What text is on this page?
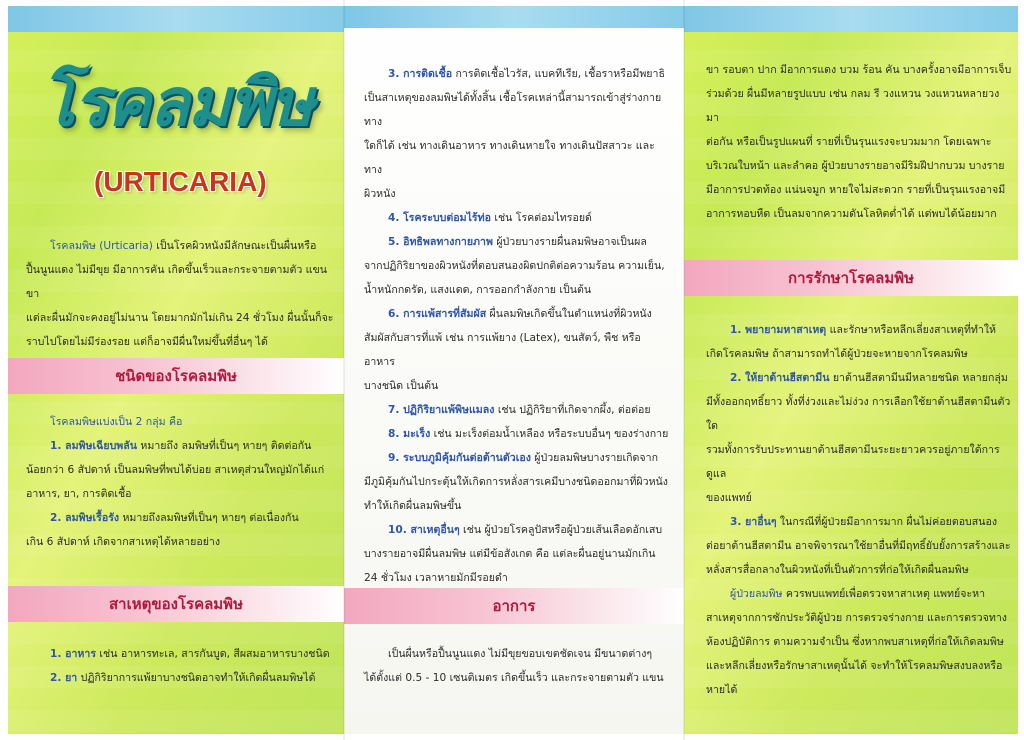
โรคลมพิษ
(URTICARIA)

โรคลมพิษ (Urticaria) เป็นโรคผิวหนังมีลักษณะเป็นผื่นหรือ

ปื้นนูนแดง ไม่มีขุย มีอาการคัน เกิดขึ้นเร็วและกระจายตามตัว แขน ขา

แต่ละผื่นมักจะคงอยู่ไม่นาน โดยมากมักไม่เกิน 24 ชั่วโมง ผื่นนั้นก็จะ

ราบไปโดยไม่มีร่องรอย แต่ก็อาจมีผื่นใหม่ขึ้นที่อื่นๆ ได้

ชนิดของโรคลมพิษ

โรคลมพิษแบ่งเป็น 2 กลุ่ม คือ

1. ลมพิษเฉียบพลัน หมายถึง ลมพิษที่เป็นๆ หายๆ ติดต่อกัน

น้อยกว่า 6 สัปดาห์ เป็นลมพิษที่พบได้บ่อย สาเหตุส่วนใหญ่มักได้แก่

อาหาร, ยา, การติดเชื้อ

2. ลมพิษเรื้อรัง หมายถึงลมพิษที่เป็นๆ หายๆ ต่อเนื่องกัน

เกิน 6 สัปดาห์ เกิดจากสาเหตุได้หลายอย่าง

สาเหตุของโรคลมพิษ

1. อาหาร เช่น อาหารทะเล, สารกันบูด, สีผสมอาหารบางชนิด

2. ยา ปฏิกิริยาการแพ้ยาบางชนิดอาจทำให้เกิดผื่นลมพิษได้

3. การติดเชื้อ การติดเชื้อไวรัส, แบคทีเรีย, เชื้อราหรือมีพยาธิ

เป็นสาเหตุของลมพิษได้ทั้งสิ้น เชื้อโรคเหล่านี้สามารถเข้าสู่ร่างกายทาง

ใดก็ได้ เช่น ทางเดินอาหาร ทางเดินหายใจ ทางเดินปัสสาวะ และทาง

ผิวหนัง

4. โรคระบบต่อมไร้ท่อ เช่น โรคต่อมไทรอยด์

5. อิทธิพลทางกายภาพ ผู้ป่วยบางรายผื่นลมพิษอาจเป็นผล

จากปฏิกิริยาของผิวหนังที่ตอบสนองผิดปกติต่อความร้อน ความเย็น,

น้ำหนักกดรัด, แสงแดด, การออกกำลังกาย เป็นต้น

6. การแพ้สารที่สัมผัส ผื่นลมพิษเกิดขึ้นในตำแหน่งที่ผิวหนัง

สัมผัสกับสารที่แพ้ เช่น การแพ้ยาง (Latex), ขนสัตว์, พืช หรืออาหาร

บางชนิด เป็นต้น

7. ปฏิกิริยาแพ้พิษแมลง เช่น ปฏิกิริยาที่เกิดจากผึ้ง, ต่อต่อย

8. มะเร็ง เช่น มะเร็งต่อมน้ำเหลือง หรือระบบอื่นๆ ของร่างกาย

9. ระบบภูมิคุ้มกันต่อต้านตัวเอง ผู้ป่วยลมพิษบางรายเกิดจาก

มีภูมิคุ้มกันไปกระตุ้นให้เกิดการหลั่งสารเคมีบางชนิดออกมาที่ผิวหนัง

ทำให้เกิดผื่นลมพิษขึ้น

10. สาเหตุอื่นๆ เช่น ผู้ป่วยโรคลูปัสหรือผู้ป่วยเส้นเลือดอักเสบ

บางรายอาจมีผื่นลมพิษ แต่มีข้อสังเกต คือ แต่ละผื่นอยู่นานมักเกิน

24 ชั่วโมง เวลาหายมักมีรอยดำ

อาการ

เป็นผื่นหรือปื้นนูนแดง ไม่มีขุยขอบเขตชัดเจน มีขนาดต่างๆ

ได้ตั้งแต่ 0.5 - 10 เซนติเมตร เกิดขึ้นเร็ว และกระจายตามตัว แขน

ขา รอบตา ปาก มีอาการแดง บวม ร้อน คัน บางครั้งอาจมีอาการเจ็บ

ร่วมด้วย ผื่นมีหลายรูปแบบ เช่น กลม รี วงแหวน วงแหวนหลายวงมา

ต่อกัน หรือเป็นรูปแผนที่ รายที่เป็นรุนแรงจะบวมมาก โดยเฉพาะ

บริเวณใบหน้า และลำคอ ผู้ป่วยบางรายอาจมีริมฝีปากบวม บางราย

มีอาการปวดท้อง แน่นจมูก หายใจไม่สะดวก รายที่เป็นรุนแรงอาจมี

อาการหอบหืด เป็นลมจากความดันโลหิตต่ำได้ แต่พบได้น้อยมาก

การรักษาโรคลมพิษ

1. พยายามหาสาเหตุ และรักษาหรือหลีกเลี่ยงสาเหตุที่ทำให้

เกิดโรคลมพิษ ถ้าสามารถทำได้ผู้ป่วยจะหายจากโรคลมพิษ

2. ให้ยาต้านฮีสตามีน ยาต้านฮีสตามีนมีหลายชนิด หลายกลุ่ม

มีทั้งออกฤทธิ์ยาว ทั้งที่ง่วงและไม่ง่วง การเลือกใช้ยาต้านฮีสตามีนตัวใด

รวมทั้งการรับประทานยาต้านฮีสตามีนระยะยาวควรอยู่ภายใต้การดูแล

ของแพทย์

3. ยาอื่นๆ ในกรณีที่ผู้ป่วยมีอาการมาก ผื่นไม่ค่อยตอบสนอง

ต่อยาต้านฮีสตามีน อาจพิจารณาใช้ยาอื่นที่มีฤทธิ์ยับยั้งการสร้างและ

หลั่งสารสื่อกลางในผิวหนังที่เป็นตัวการที่ก่อให้เกิดผื่นลมพิษ

ผู้ป่วยลมพิษ ควรพบแพทย์เพื่อตรวจหาสาเหตุ แพทย์จะหา

สาเหตุจากการซักประวัติผู้ป่วย การตรวจร่างกาย และการตรวจทาง

ห้องปฏิบัติการ ตามความจำเป็น ซึ่งหากพบสาเหตุที่ก่อให้เกิดลมพิษ

และหลีกเลี่ยงหรือรักษาสาเหตุนั้นได้ จะทำให้โรคลมพิษสงบลงหรือ

หายได้
